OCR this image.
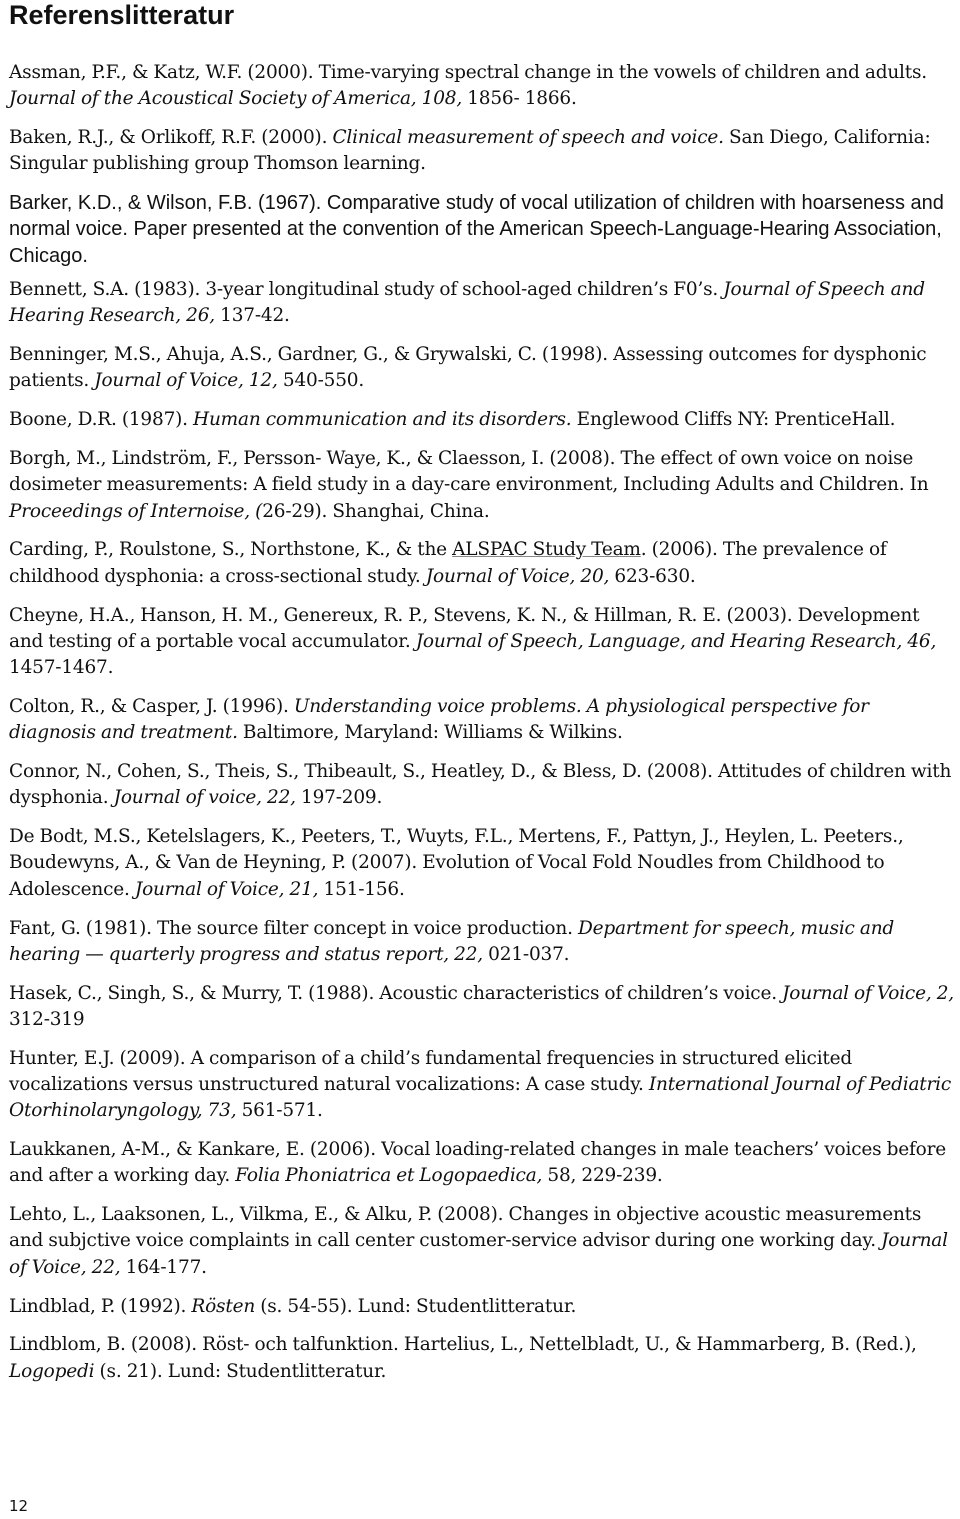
Referenslitteratur

Assman, P.F., & Katz, W.F. (2000). Time-varying spectral change in the vowels of children and adults. Journal of the Acoustical Society of America, 108, 1856- 1866.

Baken, R.J., & Orlikoff, R.F. (2000). Clinical measurement of speech and voice. San Diego, California: Singular publishing group Thomson learning.

Barker, K.D., & Wilson, F.B. (1967). Comparative study of vocal utilization of children with hoarseness and normal voice. Paper presented at the convention of the American Speech-Language-Hearing Association, Chicago.

Bennett, S.A. (1983). 3-year longitudinal study of school-aged children’s F0’s. Journal of Speech and Hearing Research, 26, 137-42.

Benninger, M.S., Ahuja, A.S., Gardner, G., & Grywalski, C. (1998). Assessing outcomes for dysphonic patients. Journal of Voice, 12, 540-550.

Boone, D.R. (1987). Human communication and its disorders. Englewood Cliffs NY: PrenticeHall.

Borgh, M., Lindström, F., Persson- Waye, K., & Claesson, I. (2008). The effect of own voice on noise dosimeter measurements: A field study in a day-care environment, Including Adults and Children. In Proceedings of Internoise, (26-29). Shanghai, China.

Carding, P., Roulstone, S., Northstone, K., & the ALSPAC Study Team. (2006). The prevalence of childhood dysphonia: a cross-sectional study. Journal of Voice, 20, 623-630.

Cheyne, H.A., Hanson, H. M., Genereux, R. P., Stevens, K. N., & Hillman, R. E. (2003). Development and testing of a portable vocal accumulator. Journal of Speech, Language, and Hearing Research, 46, 1457-1467.

Colton, R., & Casper, J. (1996). Understanding voice problems. A physiological perspective for diagnosis and treatment. Baltimore, Maryland: Williams & Wilkins.

Connor, N., Cohen, S., Theis, S., Thibeault, S., Heatley, D., & Bless, D. (2008). Attitudes of children with dysphonia. Journal of voice, 22, 197-209.

De Bodt, M.S., Ketelslagers, K., Peeters, T., Wuyts, F.L., Mertens, F., Pattyn, J., Heylen, L. Peeters., Boudewyns, A., & Van de Heyning, P. (2007). Evolution of Vocal Fold Noudles from Childhood to Adolescence. Journal of Voice, 21, 151-156.

Fant, G. (1981). The source filter concept in voice production. Department for speech, music and hearing — quarterly progress and status report, 22, 021-037.

Hasek, C., Singh, S., & Murry, T. (1988). Acoustic characteristics of children’s voice. Journal of Voice, 2, 312-319

Hunter, E.J. (2009). A comparison of a child’s fundamental frequencies in structured elicited vocalizations versus unstructured natural vocalizations: A case study. International Journal of Pediatric Otorhinolaryngology, 73, 561-571.

Laukkanen, A-M., & Kankare, E. (2006). Vocal loading-related changes in male teachers’ voices before and after a working day. Folia Phoniatrica et Logopaedica, 58, 229-239.

Lehto, L., Laaksonen, L., Vilkma, E., & Alku, P. (2008). Changes in objective acoustic measurements and subjctive voice complaints in call center customer-service advisor during one working day. Journal of Voice, 22, 164-177.

Lindblad, P. (1992). Rösten (s. 54-55). Lund: Studentlitteratur.

Lindblom, B. (2008). Röst- och talfunktion. Hartelius, L., Nettelbladt, U., & Hammarberg, B. (Red.), Logopedi (s. 21). Lund: Studentlitteratur.

12
